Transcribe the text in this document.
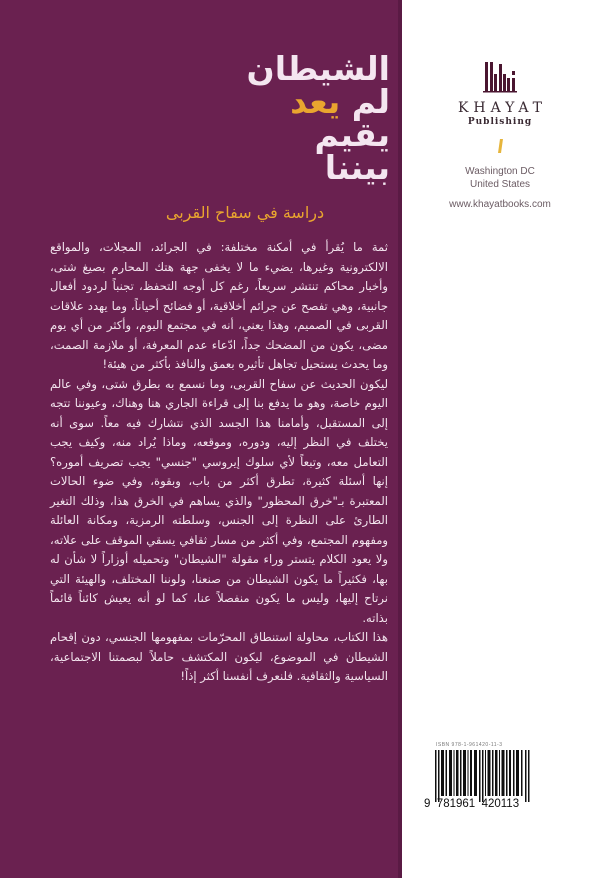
الشيطان
لم يعد
يقيم
بيننا
دراسة في سفاح القربى

ثمة ما يُقرأ في أمكنة مختلفة: في الجرائد، المجلات، والمواقع الالكترونية وغيرها، يضيء ما لا يخفى جهة هتك المحارم بصيغ شتى، وأخبار محاكم تنتشر سريعاً، رغم كل أوجه التحفظ، تجنباً لردود أفعال جانبية، وهي تفصح عن جرائم أخلاقية، أو فضائح أحياناً، وما يهدد علاقات القربى في الصميم، وهذا يعني، أنه في مجتمع اليوم، وأكثر من أي يوم مضى، يكون من المضحك جداً، ادّعاء عدم المعرفة، أو ملازمة الصمت، وما يحدث يستحيل تجاهل تأثيره بعمق والنافذ بأكثر من هيئة!

ليكون الحديث عن سفاح القربى، وما نسمع به بطرق شتى، وفي عالم اليوم خاصة، وهو ما يدفع بنا إلى قراءة الجاري هنا وهناك، وعيوننا تتجه إلى المستقبل، وأمامنا هذا الجسد الذي نتشارك فيه معاً. سوى أنه يختلف في النظر إليه، ودوره، وموقعه، وماذا يُراد منه، وكيف يجب التعامل معه، وتبعاً لأي سلوك إيروسي "جنسي" يجب تصريف أموره؟ إنها أسئلة كثيرة، تطرق أكثر من باب، وبقوة، وفي ضوء الحالات المعتبرة بـ"خرق المحظور" والذي يساهم في الخرق هذا، وذلك التغير الطارئ على النظرة إلى الجنس، وسلطته الرمزية، ومكانة العائلة ومفهوم المجتمع، وفي أكثر من مسار ثقافي يسقي الموقف على علاته، ولا يعود الكلام يتستر وراء مقولة "الشيطان" وتحميله أوزاراً لا شأن له بها، فكثيراً ما يكون الشيطان من صنعنا، ولوننا المختلف، والهيئة التي نرتاح إليها، وليس ما يكون منفصلاً عنا، كما لو أنه يعيش كائناً قائماً بذاته.

هذا الكتاب، محاولة استنطاق المحرّمات بمفهومها الجنسي، دون إقحام الشيطان في الموضوع، ليكون المكتشف حاملاً لبصمتنا الاجتماعية، السياسية والثقافية. فلنعرف أنفسنا أكثر إذاً!

KHAYAT
Publishing
Washington DC
United States
www.khayatbooks.com
ISBN 978-1-961420-11-3
9 781961 420113
